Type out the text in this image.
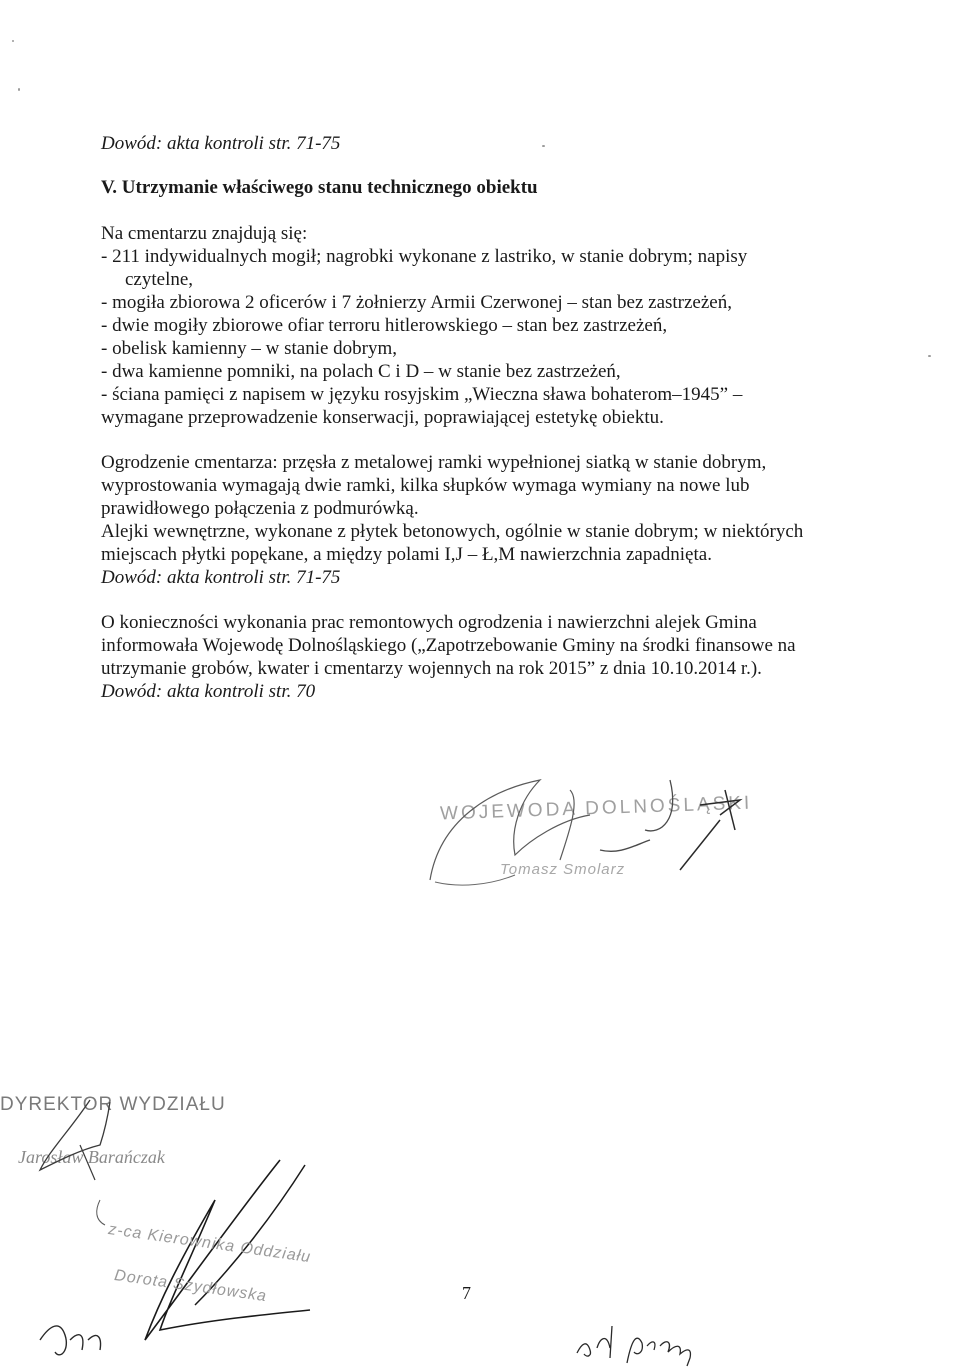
Dowód: akta kontroli str. 71-75
V. Utrzymanie właściwego stanu technicznego obiektu

Na cmentarzu znajdują się:

- 211 indywidualnych mogił; nagrobki wykonane z lastriko, w stanie dobrym; napisy

czytelne,

- mogiła zbiorowa 2 oficerów i 7 żołnierzy Armii Czerwonej – stan bez zastrzeżeń,

- dwie mogiły zbiorowe ofiar terroru hitlerowskiego – stan bez zastrzeżeń,

- obelisk kamienny – w stanie dobrym,

- dwa kamienne pomniki, na polach C i D – w stanie bez zastrzeżeń,

- ściana pamięci z napisem w języku rosyjskim „Wieczna sława bohaterom–1945” –

wymagane przeprowadzenie konserwacji, poprawiającej estetykę obiektu.

Ogrodzenie cmentarza: przęsła z metalowej ramki wypełnionej siatką w stanie dobrym,

wyprostowania wymagają dwie ramki, kilka słupków wymaga wymiany na nowe lub

prawidłowego połączenia z podmurówką.

Alejki wewnętrzne, wykonane z płytek betonowych, ogólnie w stanie dobrym; w niektórych

miejscach płytki popękane, a między polami I,J – Ł,M nawierzchnia zapadnięta.

Dowód: akta kontroli str. 71-75

O konieczności wykonania prac remontowych ogrodzenia i nawierzchni alejek Gmina

informowała Wojewodę Dolnośląskiego („Zapotrzebowanie Gminy na środki finansowe na

utrzymanie grobów, kwater i cmentarzy wojennych na rok 2015” z dnia 10.10.2014 r.).

Dowód: akta kontroli str. 70

WOJEWODA DOLNOŚLĄSKI
Tomasz Smolarz
DYREKTOR WYDZIAŁU
Jarosław Barańczak
z-ca Kierownika Oddziału
Dorota Szydłowska	7
